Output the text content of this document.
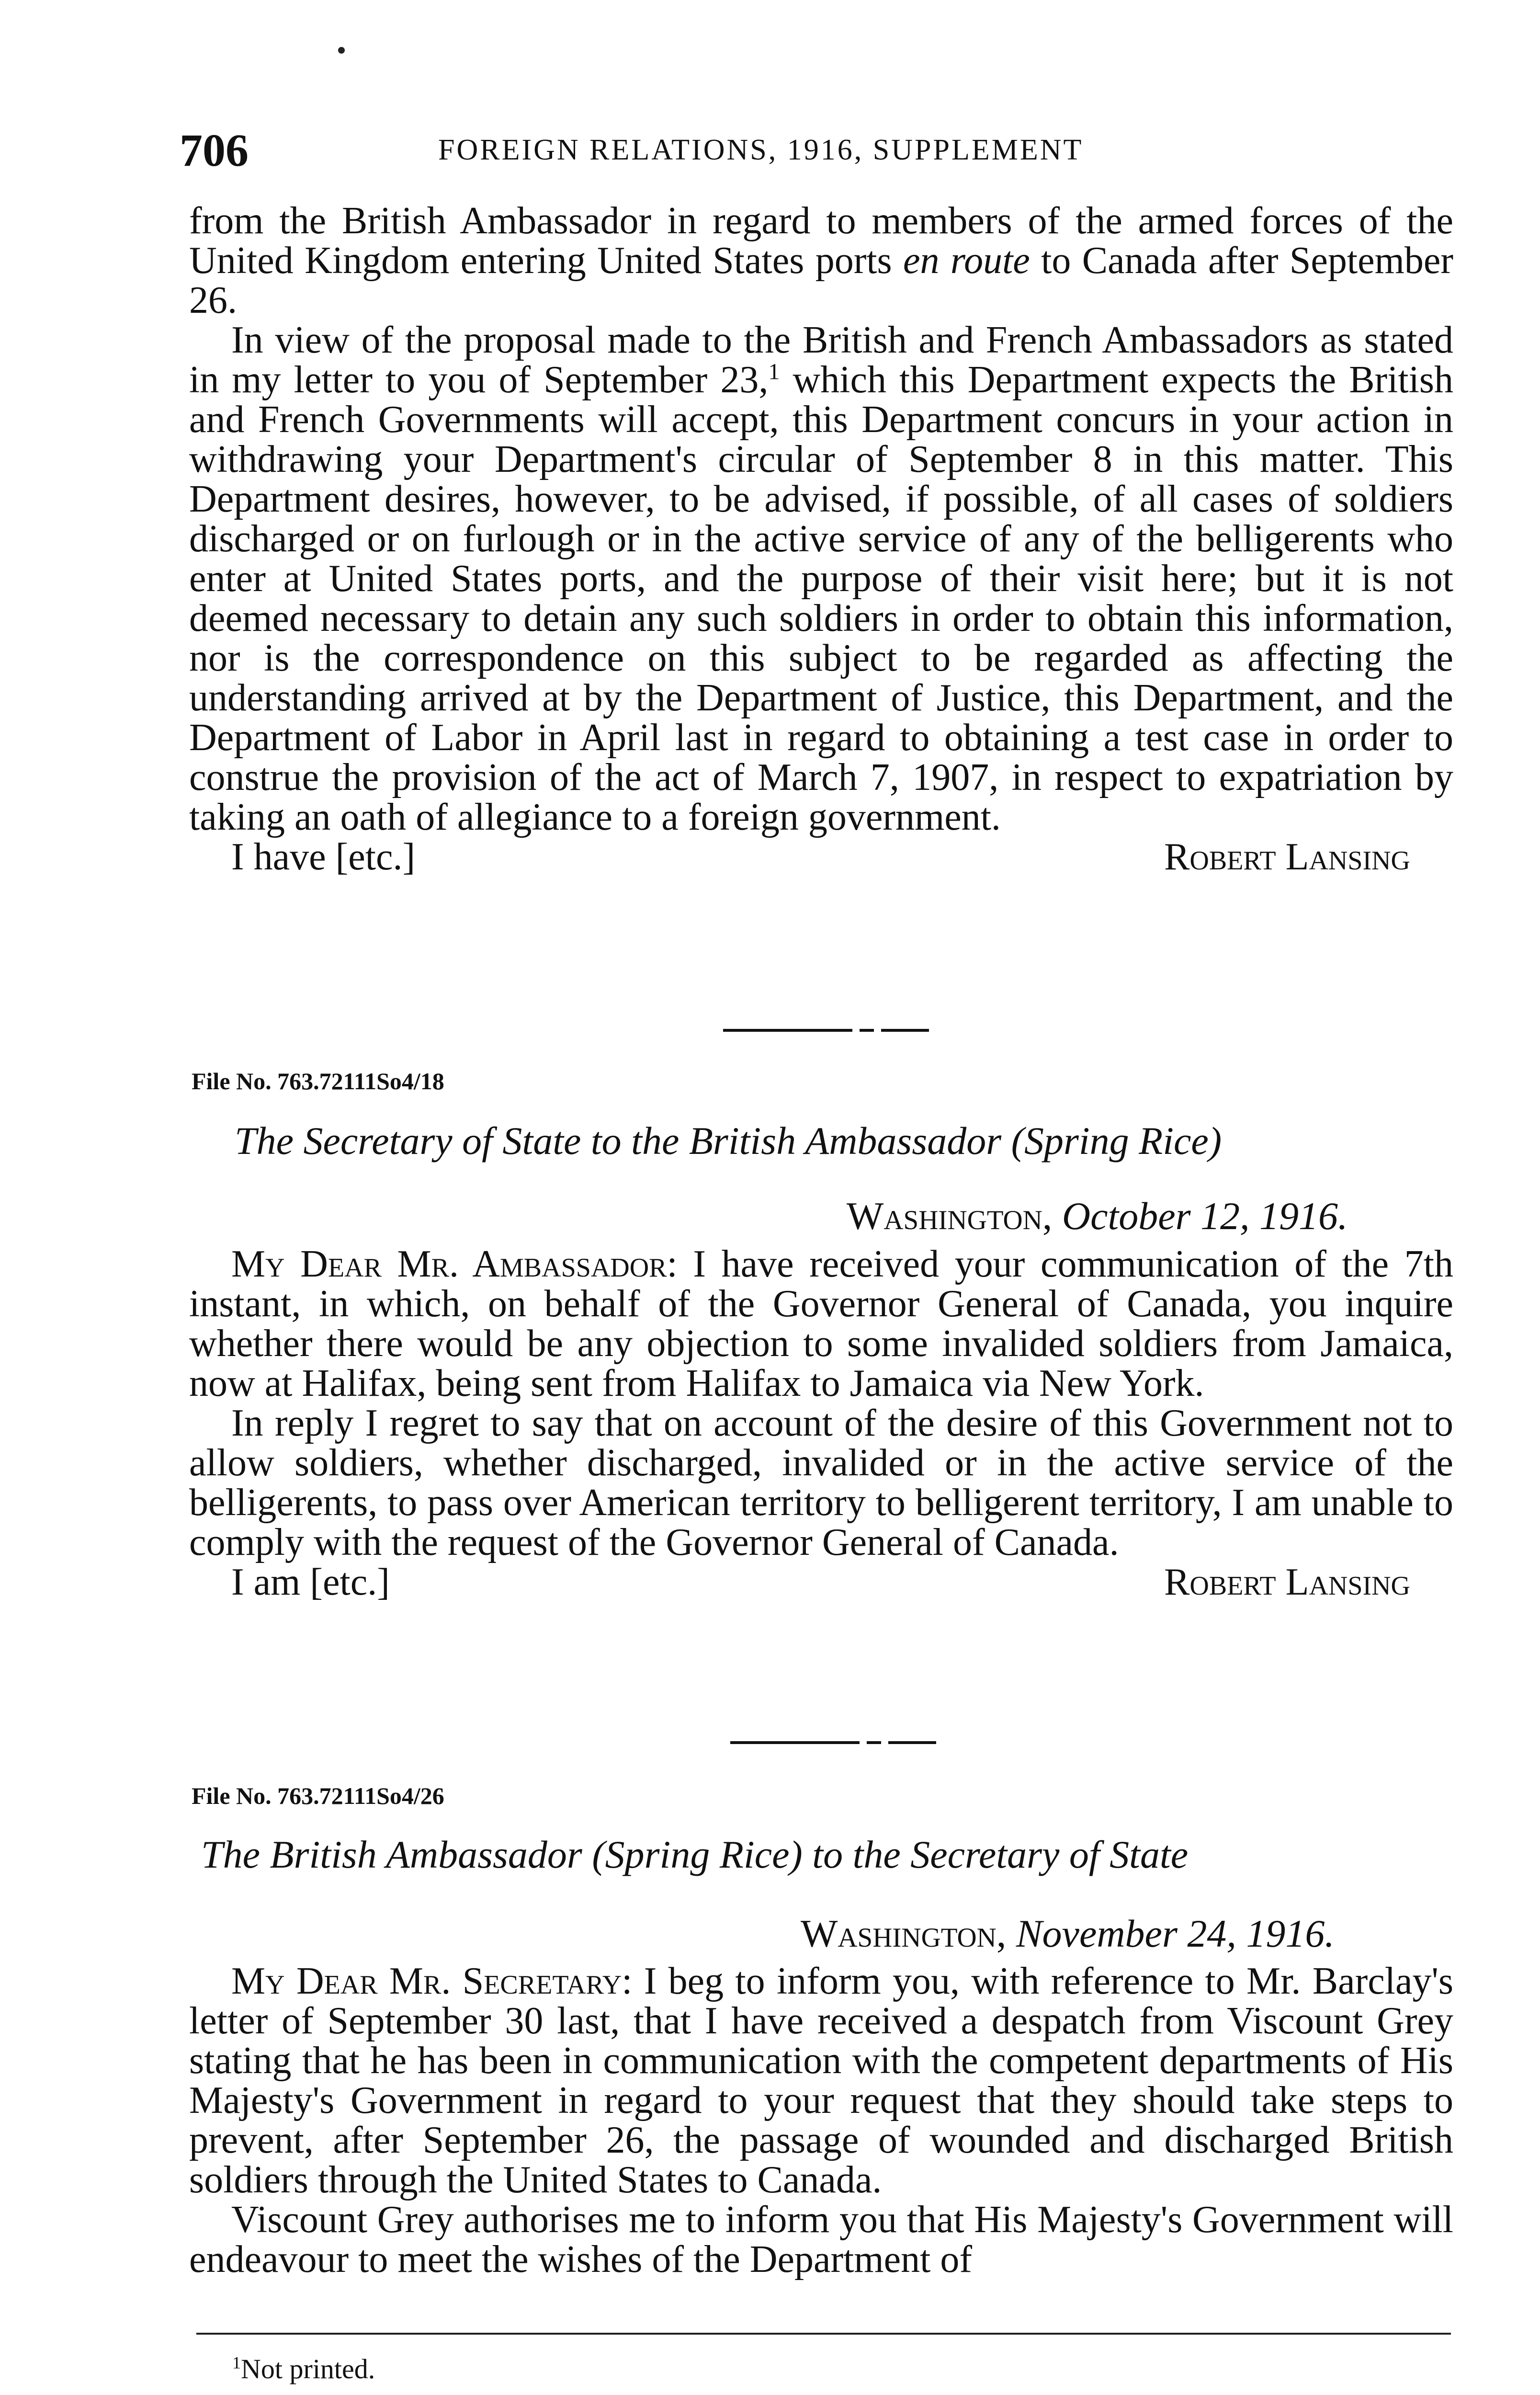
706	FOREIGN RELATIONS, 1916, SUPPLEMENT

from the British Ambassador in regard to members of the armed forces of the United Kingdom entering United States ports en route to Canada after September 26.

In view of the proposal made to the British and French Ambassadors as stated in my letter to you of September 23,$^1$ which this Department expects the British and French Governments will accept, this Department concurs in your action in withdrawing your Department's circular of September 8 in this matter. This Department desires, however, to be advised, if possible, of all cases of soldiers discharged or on furlough or in the active service of any of the belligerents who enter at United States ports, and the purpose of their visit here; but it is not deemed necessary to detain any such soldiers in order to obtain this information, nor is the correspondence on this subject to be regarded as affecting the understanding arrived at by the Department of Justice, this Department, and the Department of Labor in April last in regard to obtaining a test case in order to construe the provision of the act of March 7, 1907, in respect to expatriation by taking an oath of allegiance to a foreign government.

I have [etc.]	Robert Lansing
File No. 763.72111So4/18
The Secretary of State to the British Ambassador (Spring Rice)
Washington, October 12, 1916.

My Dear Mr. Ambassador: I have received your communication of the 7th instant, in which, on behalf of the Governor General of Canada, you inquire whether there would be any objection to some invalided soldiers from Jamaica, now at Halifax, being sent from Halifax to Jamaica via New York.

In reply I regret to say that on account of the desire of this Government not to allow soldiers, whether discharged, invalided or in the active service of the belligerents, to pass over American territory to belligerent territory, I am unable to comply with the request of the Governor General of Canada.

I am [etc.]	Robert Lansing
File No. 763.72111So4/26
The British Ambassador (Spring Rice) to the Secretary of State
Washington, November 24, 1916.

My Dear Mr. Secretary: I beg to inform you, with reference to Mr. Barclay's letter of September 30 last, that I have received a despatch from Viscount Grey stating that he has been in communication with the competent departments of His Majesty's Government in regard to your request that they should take steps to prevent, after September 26, the passage of wounded and discharged British soldiers through the United States to Canada.

Viscount Grey authorises me to inform you that His Majesty's Government will endeavour to meet the wishes of the Department of

$^1$Not printed.
